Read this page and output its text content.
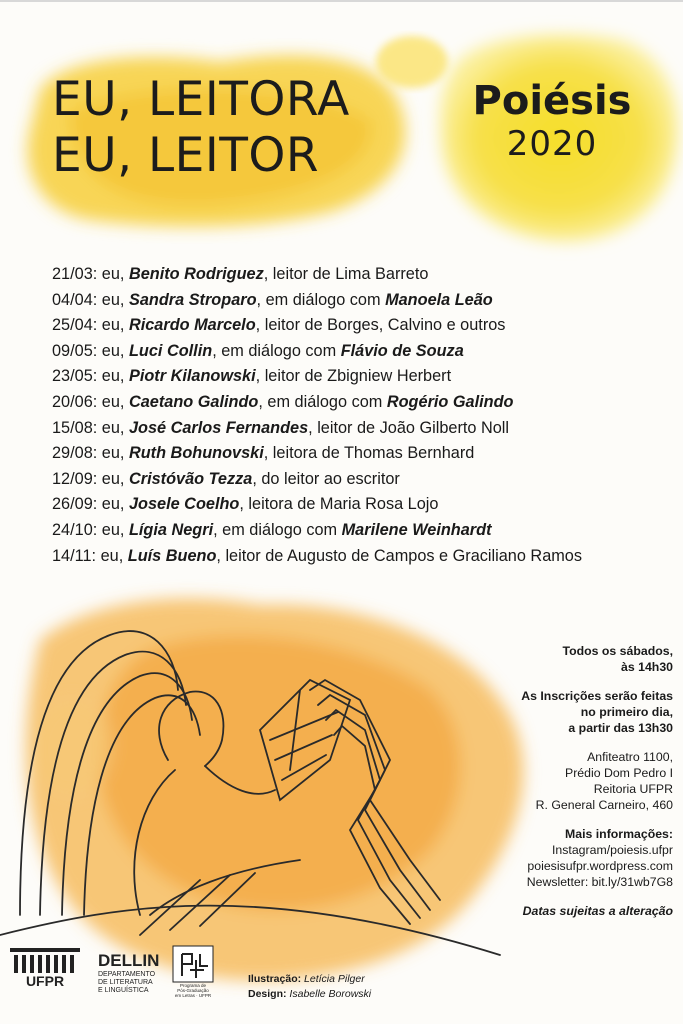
EU, LEITORA
EU, LEITOR
Poiésis
2020
21/03: eu, Benito Rodriguez, leitor de Lima Barreto
04/04: eu, Sandra Stroparo, em diálogo com Manoela Leão
25/04: eu, Ricardo Marcelo, leitor de Borges, Calvino e outros
09/05: eu, Luci Collin, em diálogo com Flávio de Souza
23/05: eu, Piotr Kilanowski, leitor de Zbigniew Herbert
20/06: eu, Caetano Galindo, em diálogo com Rogério Galindo
15/08: eu, José Carlos Fernandes, leitor de João Gilberto Noll
29/08: eu, Ruth Bohunovski, leitora de Thomas Bernhard
12/09: eu, Cristóvão Tezza, do leitor ao escritor
26/09: eu, Josele Coelho, leitora de Maria Rosa Lojo
24/10: eu, Lígia Negri, em diálogo com Marilene Weinhardt
14/11: eu, Luís Bueno, leitor de Augusto de Campos e Graciliano Ramos

Todos os sábados,
às 14h30

As Inscrições serão feitas
no primeiro dia,
a partir das 13h30

Anfiteatro 1100,
Prédio Dom Pedro I
Reitoria UFPR
R. General Carneiro, 460

Mais informações:
Instagram/poiesis.ufpr
poiesisufpr.wordpress.com
Newsletter: bit.ly/31wb7G8

Datas sujeitas a alteração

UFPR
DELLIN
DEPARTAMENTO
DE LITERATURA
E LINGUÍSTICA
Programa de
Pós-Graduação
em Letras · UFPR
Ilustração: Letícia Pilger
Design: Isabelle Borowski
